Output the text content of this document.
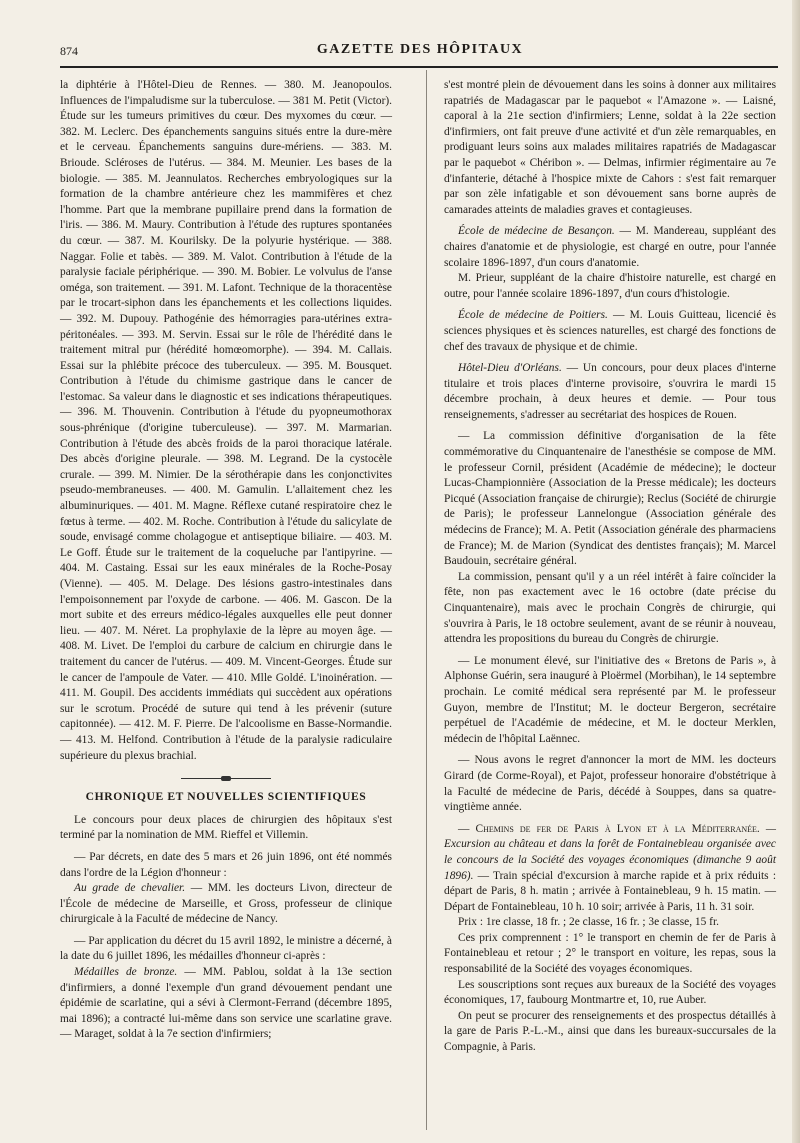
874	GAZETTE DES HÔPITAUX

la diphtérie à l'Hôtel-Dieu de Rennes. — 380. M. Jeanopoulos. Influences de l'impaludisme sur la tuberculose. — 381 M. Petit (Victor). Étude sur les tumeurs primitives du cœur. Des myxomes du cœur. — 382. M. Leclerc. Des épanchements sanguins situés entre la dure-mère et le cerveau. Épanchements sanguins dure-mériens. — 383. M. Brioude. Scléroses de l'utérus. — 384. M. Meunier. Les bases de la biologie. — 385. M. Jeannulatos. Recherches embryologiques sur la formation de la chambre antérieure chez les mammifères et chez l'homme. Part que la membrane pupillaire prend dans la formation de l'iris. — 386. M. Maury. Contribution à l'étude des ruptures spontanées du cœur. — 387. M. Kourilsky. De la polyurie hystérique. — 388. Naggar. Folie et tabès. — 389. M. Valot. Contribution à l'étude de la paralysie faciale périphérique. — 390. M. Bobier. Le volvulus de l'anse oméga, son traitement. — 391. M. Lafont. Technique de la thoracentèse par le trocart-siphon dans les épanchements et les collections liquides. — 392. M. Dupouy. Pathogénie des hémorragies para-utérines extra-péritonéales. — 393. M. Servin. Essai sur le rôle de l'hérédité dans le traitement mitral pur (hérédité homœomorphe). — 394. M. Callais. Essai sur la phlébite précoce des tuberculeux. — 395. M. Bousquet. Contribution à l'étude du chimisme gastrique dans le cancer de l'estomac. Sa valeur dans le diagnostic et ses indications thérapeutiques. — 396. M. Thouvenin. Contribution à l'étude du pyopneumothorax sous-phrénique (d'origine tuberculeuse). — 397. M. Marmarian. Contribution à l'étude des abcès froids de la paroi thoracique latérale. Des abcès d'origine pleurale. — 398. M. Legrand. De la cystocèle crurale. — 399. M. Nimier. De la sérothérapie dans les conjonctivites pseudo-membraneuses. — 400. M. Gamulin. L'allaitement chez les albuminuriques. — 401. M. Magne. Réflexe cutané respiratoire chez le fœtus à terme. — 402. M. Roche. Contribution à l'étude du salicylate de soude, envisagé comme cholagogue et antiseptique biliaire. — 403. M. Le Goff. Étude sur le traitement de la coqueluche par l'antipyrine. — 404. M. Castaing. Essai sur les eaux minérales de la Roche-Posay (Vienne). — 405. M. Delage. Des lésions gastro-intestinales dans l'empoisonnement par l'oxyde de carbone. — 406. M. Gascon. De la mort subite et des erreurs médico-légales auxquelles elle peut donner lieu. — 407. M. Néret. La prophylaxie de la lèpre au moyen âge. — 408. M. Livet. De l'emploi du carbure de calcium en chirurgie dans le traitement du cancer de l'utérus. — 409. M. Vincent-Georges. Étude sur le cancer de l'ampoule de Vater. — 410. Mlle Goldé. L'inoinération. — 411. M. Goupil. Des accidents immédiats qui succèdent aux opérations sur le scrotum. Procédé de suture qui tend à les prévenir (suture capitonnée). — 412. M. F. Pierre. De l'alcoolisme en Basse-Normandie. — 413. M. Helfond. Contribution à l'étude de la paralysie radiculaire supérieure du plexus brachial.

CHRONIQUE ET NOUVELLES SCIENTIFIQUES

Le concours pour deux places de chirurgien des hôpitaux s'est terminé par la nomination de MM. Rieffel et Villemin.

— Par décrets, en date des 5 mars et 26 juin 1896, ont été nommés dans l'ordre de la Légion d'honneur :

Au grade de chevalier. — MM. les docteurs Livon, directeur de l'École de médecine de Marseille, et Gross, professeur de clinique chirurgicale à la Faculté de médecine de Nancy.

— Par application du décret du 15 avril 1892, le ministre a décerné, à la date du 6 juillet 1896, les médailles d'honneur ci-après :

Médailles de bronze. — MM. Pablou, soldat à la 13e section d'infirmiers, a donné l'exemple d'un grand dévouement pendant une épidémie de scarlatine, qui a sévi à Clermont-Ferrand (décembre 1895, mai 1896); a contracté lui-même dans son service une scarlatine grave. — Maraget, soldat à la 7e section d'infirmiers;

s'est montré plein de dévouement dans les soins à donner aux militaires rapatriés de Madagascar par le paquebot « l'Amazone ». — Laisné, caporal à la 21e section d'infirmiers; Lenne, soldat à la 22e section d'infirmiers, ont fait preuve d'une activité et d'un zèle remarquables, en prodiguant leurs soins aux malades militaires rapatriés de Madagascar par le paquebot « Chéribon ». — Delmas, infirmier régimentaire au 7e d'infanterie, détaché à l'hospice mixte de Cahors : s'est fait remarquer par son zèle infatigable et son dévouement sans borne auprès de camarades atteints de maladies graves et contagieuses.

École de médecine de Besançon. — M. Mandereau, suppléant des chaires d'anatomie et de physiologie, est chargé en outre, pour l'année scolaire 1896-1897, d'un cours d'anatomie.

M. Prieur, suppléant de la chaire d'histoire naturelle, est chargé en outre, pour l'année scolaire 1896-1897, d'un cours d'histologie.

École de médecine de Poitiers. — M. Louis Guitteau, licencié ès sciences physiques et ès sciences naturelles, est chargé des fonctions de chef des travaux de physique et de chimie.

Hôtel-Dieu d'Orléans. — Un concours, pour deux places d'interne titulaire et trois places d'interne provisoire, s'ouvrira le mardi 15 décembre prochain, à deux heures et demie. — Pour tous renseignements, s'adresser au secrétariat des hospices de Rouen.

— La commission définitive d'organisation de la fête commémorative du Cinquantenaire de l'anesthésie se compose de MM. le professeur Cornil, président (Académie de médecine); le docteur Lucas-Championnière (Association de la Presse médicale); les docteurs Picqué (Association française de chirurgie); Reclus (Société de chirurgie de Paris); le professeur Lannelongue (Association générale des médecins de France); M. A. Petit (Association générale des pharmaciens de France); M. de Marion (Syndicat des dentistes français); M. Marcel Baudouin, secrétaire général.

La commission, pensant qu'il y a un réel intérêt à faire coïncider la fête, non pas exactement avec le 16 octobre (date précise du Cinquantenaire), mais avec le prochain Congrès de chirurgie, qui s'ouvrira à Paris, le 18 octobre seulement, avant de se réunir à nouveau, attendra les propositions du bureau du Congrès de chirurgie.

— Le monument élevé, sur l'initiative des « Bretons de Paris », à Alphonse Guérin, sera inauguré à Ploërmel (Morbihan), le 14 septembre prochain. Le comité médical sera représenté par M. le professeur Guyon, membre de l'Institut; M. le docteur Bergeron, secrétaire perpétuel de l'Académie de médecine, et M. le docteur Merklen, médecin de l'hôpital Laënnec.

— Nous avons le regret d'annoncer la mort de MM. les docteurs Girard (de Corme-Royal), et Pajot, professeur honoraire d'obstétrique à la Faculté de médecine de Paris, décédé à Souppes, dans sa quatre-vingtième année.

— Chemins de fer de Paris à Lyon et à la Méditerranée. — Excursion au château et dans la forêt de Fontainebleau organisée avec le concours de la Société des voyages économiques (dimanche 9 août 1896). — Train spécial d'excursion à marche rapide et à prix réduits : départ de Paris, 8 h. matin ; arrivée à Fontainebleau, 9 h. 15 matin. — Départ de Fontainebleau, 10 h. 10 soir; arrivée à Paris, 11 h. 31 soir.

Prix : 1re classe, 18 fr. ; 2e classe, 16 fr. ; 3e classe, 15 fr.

Ces prix comprennent : 1° le transport en chemin de fer de Paris à Fontainebleau et retour ; 2° le transport en voiture, les repas, sous la responsabilité de la Société des voyages économiques.

Les souscriptions sont reçues aux bureaux de la Société des voyages économiques, 17, faubourg Montmartre et, 10, rue Auber.

On peut se procurer des renseignements et des prospectus détaillés à la gare de Paris P.-L.-M., ainsi que dans les bureaux-succursales de la Compagnie, à Paris.
